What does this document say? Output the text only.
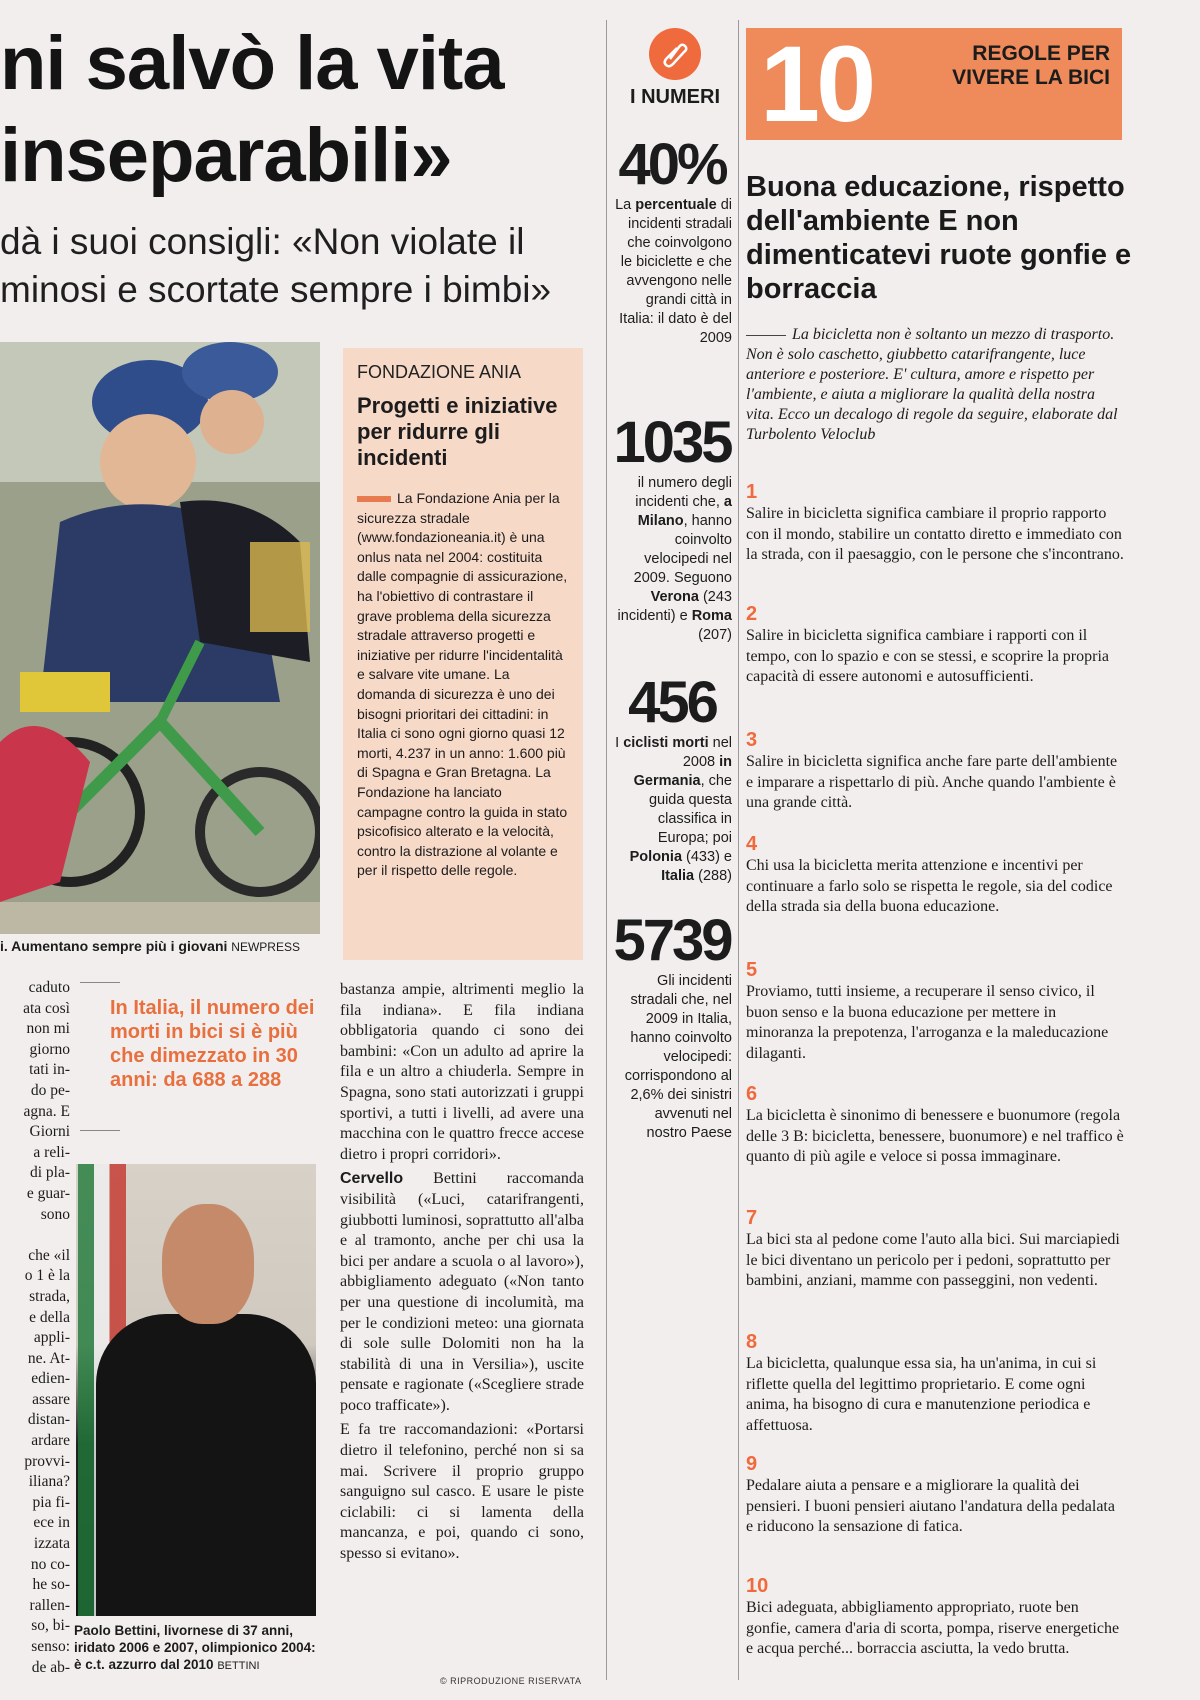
ni salvò la vita
inseparabili»
dà i suoi consigli: «Non violate il
minosi e scortate sempre i bimbi»
i. Aumentano sempre più i giovani NEWPRESS
FONDAZIONE ANIA
Progetti e iniziative per ridurre gli incidenti
La Fondazione Ania per la sicurezza stradale (www.fondazioneania.it) è una onlus nata nel 2004: costituita dalle compagnie di assicurazione, ha l'obiettivo di contrastare il grave problema della sicurezza stradale attraverso progetti e iniziative per ridurre l'incidentalità e salvare vite umane. La domanda di sicurezza è uno dei bisogni prioritari dei cittadini: in Italia ci sono ogni giorno quasi 12 morti, 4.237 in un anno: 1.600 più di Spagna e Gran Bretagna. La Fondazione ha lanciato campagne contro la guida in stato psicofisico alterato e la velocità, contro la distrazione al volante e per il rispetto delle regole.
I NUMERI
40%
La percentuale di incidenti stradali che coinvolgono le biciclette e che avvengono nelle grandi città in Italia: il dato è del 2009
1035
il numero degli incidenti che, a Milano, hanno coinvolto velocipedi nel 2009. Seguono Verona (243 incidenti) e Roma (207)
456
I ciclisti morti nel 2008 in Germania, che guida questa classifica in Europa; poi Polonia (433) e Italia (288)
5739
Gli incidenti stradali che, nel 2009 in Italia, hanno coinvolto velocipedi: corrispondono al 2,6% dei sinistri avvenuti nel nostro Paese
10	REGOLE PER VIVERE LA BICI
Buona educazione, rispetto dell'ambiente E non dimenticatevi ruote gonfie e borraccia
La bicicletta non è soltanto un mezzo di trasporto. Non è solo caschetto, giubbetto catarifrangente, luce anteriore e posteriore. E' cultura, amore e rispetto per l'ambiente, e aiuta a migliorare la qualità della nostra vita. Ecco un decalogo di regole da seguire, elaborate dal Turbolento Veloclub
1
Salire in bicicletta significa cambiare il proprio rapporto con il mondo, stabilire un contatto diretto e immediato con la strada, con il paesaggio, con le persone che s'incontrano.
2
Salire in bicicletta significa cambiare i rapporti con il tempo, con lo spazio e con se stessi, e scoprire la propria capacità di essere autonomi e autosufficienti.
3
Salire in bicicletta significa anche fare parte dell'ambiente e imparare a rispettarlo di più. Anche quando l'ambiente è una grande città.
4
Chi usa la bicicletta merita attenzione e incentivi per continuare a farlo solo se rispetta le regole, sia del codice della strada sia della buona educazione.
5
Proviamo, tutti insieme, a recuperare il senso civico, il buon senso e la buona educazione per mettere in minoranza la prepotenza, l'arroganza e la maleducazione dilaganti.
6
La bicicletta è sinonimo di benessere e buonumore (regola delle 3 B: bicicletta, benessere, buonumore) e nel traffico è quanto di più agile e veloce si possa immaginare.
7
La bici sta al pedone come l'auto alla bici. Sui marciapiedi le bici diventano un pericolo per i pedoni, soprattutto per bambini, anziani, mamme con passeggini, non vedenti.
8
La bicicletta, qualunque essa sia, ha un'anima, in cui si riflette quella del legittimo proprietario. E come ogni anima, ha bisogno di cura e manutenzione periodica e affettuosa.
9
Pedalare aiuta a pensare e a migliorare la qualità dei pensieri. I buoni pensieri aiutano l'andatura della pedalata e riducono la sensazione di fatica.
10
Bici adeguata, abbigliamento appropriato, ruote ben gonfie, camera d'aria di scorta, pompa, riserve energetiche e acqua perché... borraccia asciutta, la vedo brutta.
caduto
ata così
non mi
giorno
tati in-
do pe-
agna. E
Giorni
a reli-
di pla-
e guar-
sono

che «il
o 1 è la
strada,
e della
appli-
ne. At-
edien-
assare
distan-
ardare
provvi-
iliana?
pia fi-
ece in
izzata
no co-
he so-
rallen-
so, bi-
senso:
de ab-
In Italia, il numero dei morti in bici si è più che dimezzato in 30 anni: da 688 a 288
Paolo Bettini, livornese di 37 anni, iridato 2006 e 2007, olimpionico 2004: è c.t. azzurro dal 2010 BETTINI

bastanza ampie, altrimenti meglio la fila indiana». E fila indiana obbligatoria quando ci sono dei bambini: «Con un adulto ad aprire la fila e un altro a chiuderla. Sempre in Spagna, sono stati autorizzati i gruppi sportivi, a tutti i livelli, ad avere una macchina con le quattro frecce accese dietro i propri corridori».

Cervello Bettini raccomanda visibilità («Luci, catarifrangenti, giubbotti luminosi, soprattutto all'alba e al tramonto, anche per chi usa la bici per andare a scuola o al lavoro»), abbigliamento adeguato («Non tanto per una questione di incolumità, ma per le condizioni meteo: una giornata di sole sulle Dolomiti non ha la stabilità di una in Versilia»), uscite pensate e ragionate («Scegliere strade poco trafficate»).

E fa tre raccomandazioni: «Portarsi dietro il telefonino, perché non si sa mai. Scrivere il proprio gruppo sanguigno sul casco. E usare le piste ciclabili: ci si lamenta della mancanza, e poi, quando ci sono, spesso si evitano».

© RIPRODUZIONE RISERVATA
